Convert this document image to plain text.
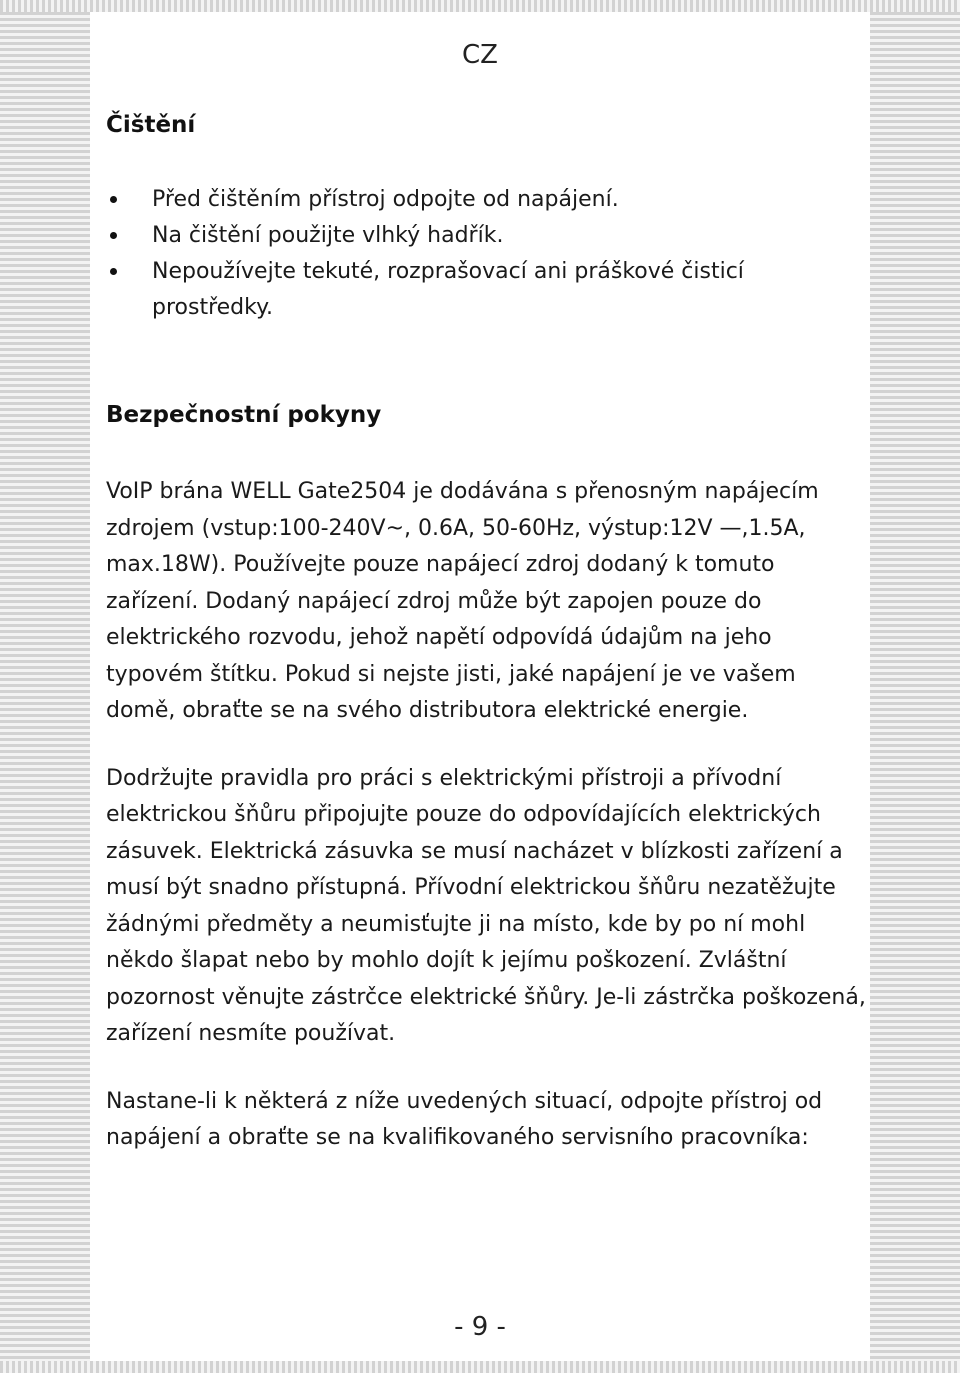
CZ
Čištění
Před čištěním přístroj odpojte od napájení.
Na čištění použijte vlhký hadřík.
Nepoužívejte tekuté, rozprašovací ani práškové čisticí prostředky.
Bezpečnostní pokyny

VoIP brána WELL Gate2504 je dodávána s přenosným napájecím zdrojem (vstup:100-240V~, 0.6A, 50-60Hz, výstup:12V —,1.5A, max.18W). Používejte pouze napájecí zdroj dodaný k tomuto zařízení. Dodaný napájecí zdroj může být zapojen pouze do elektrického rozvodu, jehož napětí odpovídá údajům na jeho typovém štítku. Pokud si nejste jisti, jaké napájení je ve vašem domě, obraťte se na svého distributora elektrické energie.

Dodržujte pravidla pro práci s elektrickými přístroji a přívodní elektrickou šňůru připojujte pouze do odpovídajících elektrických zásuvek. Elektrická zásuvka se musí nacházet v blízkosti zařízení a musí být snadno přístupná. Přívodní elektrickou šňůru nezatěžujte žádnými předměty a neumisťujte ji na místo, kde by po ní mohl někdo šlapat nebo by mohlo dojít k jejímu poškození. Zvláštní pozornost věnujte zástrčce elektrické šňůry. Je-li zástrčka poškozená, zařízení nesmíte používat.

Nastane-li k některá z níže uvedených situací, odpojte přístroj od napájení a obraťte se na kvalifikovaného servisního pracovníka:

- 9 -
